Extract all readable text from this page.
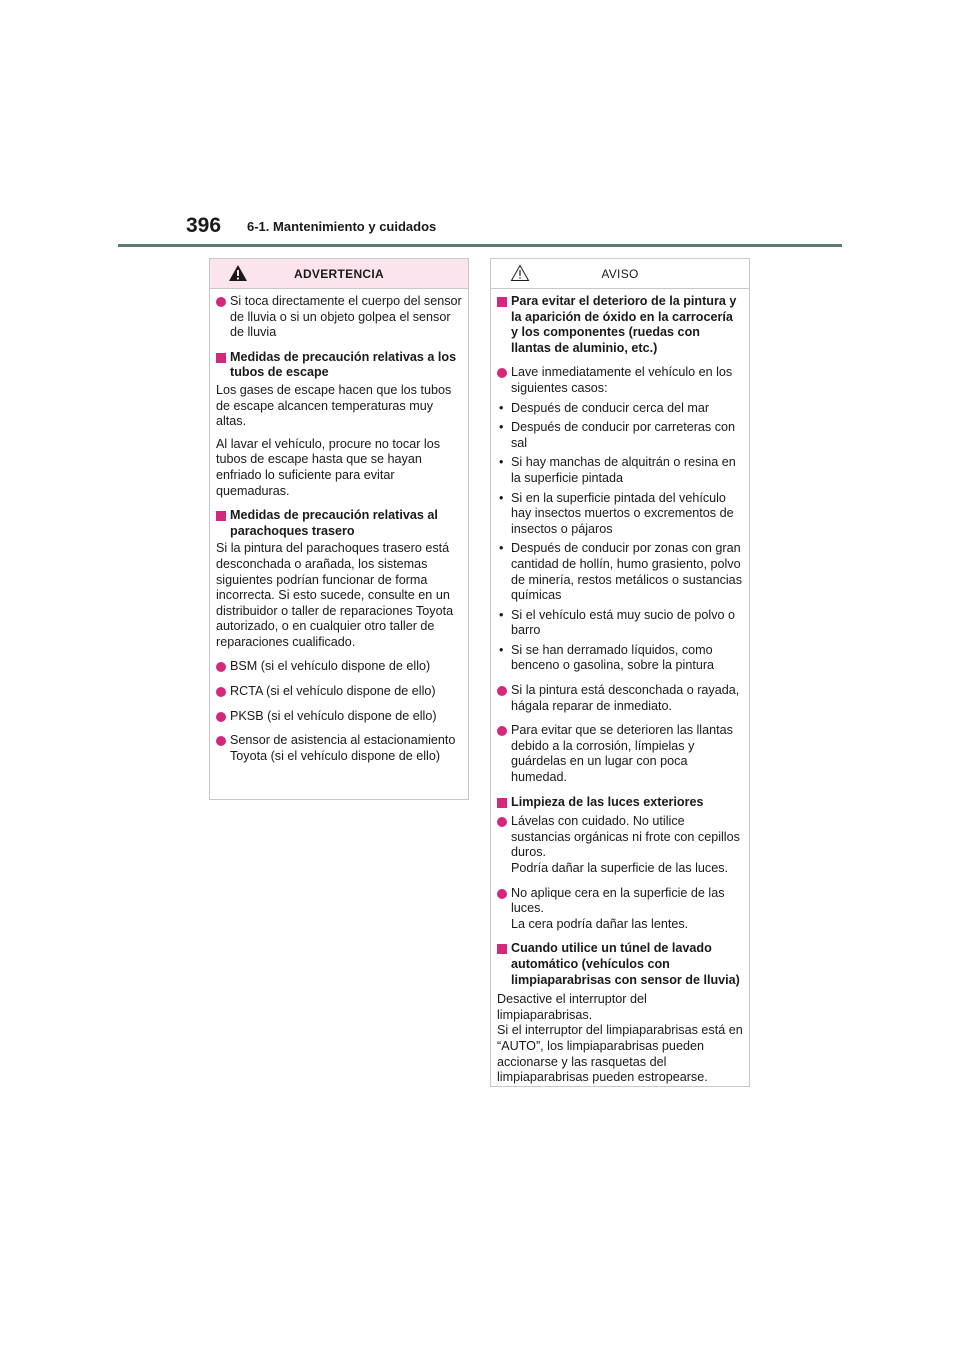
396 6-1. Mantenimiento y cuidados
ADVERTENCIA
Si toca directamente el cuerpo del sensor de lluvia o si un objeto golpea el sensor de lluvia
Medidas de precaución relativas a los tubos de escape
Los gases de escape hacen que los tubos de escape alcancen temperaturas muy altas.
Al lavar el vehículo, procure no tocar los tubos de escape hasta que se hayan enfriado lo suficiente para evitar quemaduras.
Medidas de precaución relativas al parachoques trasero
Si la pintura del parachoques trasero está desconchada o arañada, los sistemas siguientes podrían funcionar de forma incorrecta. Si esto sucede, consulte en un distribuidor o taller de reparaciones Toyota autorizado, o en cualquier otro taller de reparaciones cualificado.
BSM (si el vehículo dispone de ello)
RCTA (si el vehículo dispone de ello)
PKSB (si el vehículo dispone de ello)
Sensor de asistencia al estacionamiento Toyota (si el vehículo dispone de ello)
AVISO
Para evitar el deterioro de la pintura y la aparición de óxido en la carrocería y los componentes (ruedas con llantas de aluminio, etc.)
Lave inmediatamente el vehículo en los siguientes casos:
• Después de conducir cerca del mar
• Después de conducir por carreteras con sal
• Si hay manchas de alquitrán o resina en la superficie pintada
• Si en la superficie pintada del vehículo hay insectos muertos o excrementos de insectos o pájaros
• Después de conducir por zonas con gran cantidad de hollín, humo grasiento, polvo de minería, restos metálicos o sustancias químicas
• Si el vehículo está muy sucio de polvo o barro
• Si se han derramado líquidos, como benceno o gasolina, sobre la pintura
Si la pintura está desconchada o rayada, hágala reparar de inmediato.
Para evitar que se deterioren las llantas debido a la corrosión, límpielas y guárdelas en un lugar con poca humedad.
Limpieza de las luces exteriores
Lávelas con cuidado. No utilice sustancias orgánicas ni frote con cepillos duros.
Podría dañar la superficie de las luces.
No aplique cera en la superficie de las luces.
La cera podría dañar las lentes.
Cuando utilice un túnel de lavado automático (vehículos con limpiaparabrisas con sensor de lluvia)
Desactive el interruptor del limpiaparabrisas.
Si el interruptor del limpiaparabrisas está en “AUTO”, los limpiaparabrisas pueden accionarse y las rasquetas del limpiaparabrisas pueden estropearse.
